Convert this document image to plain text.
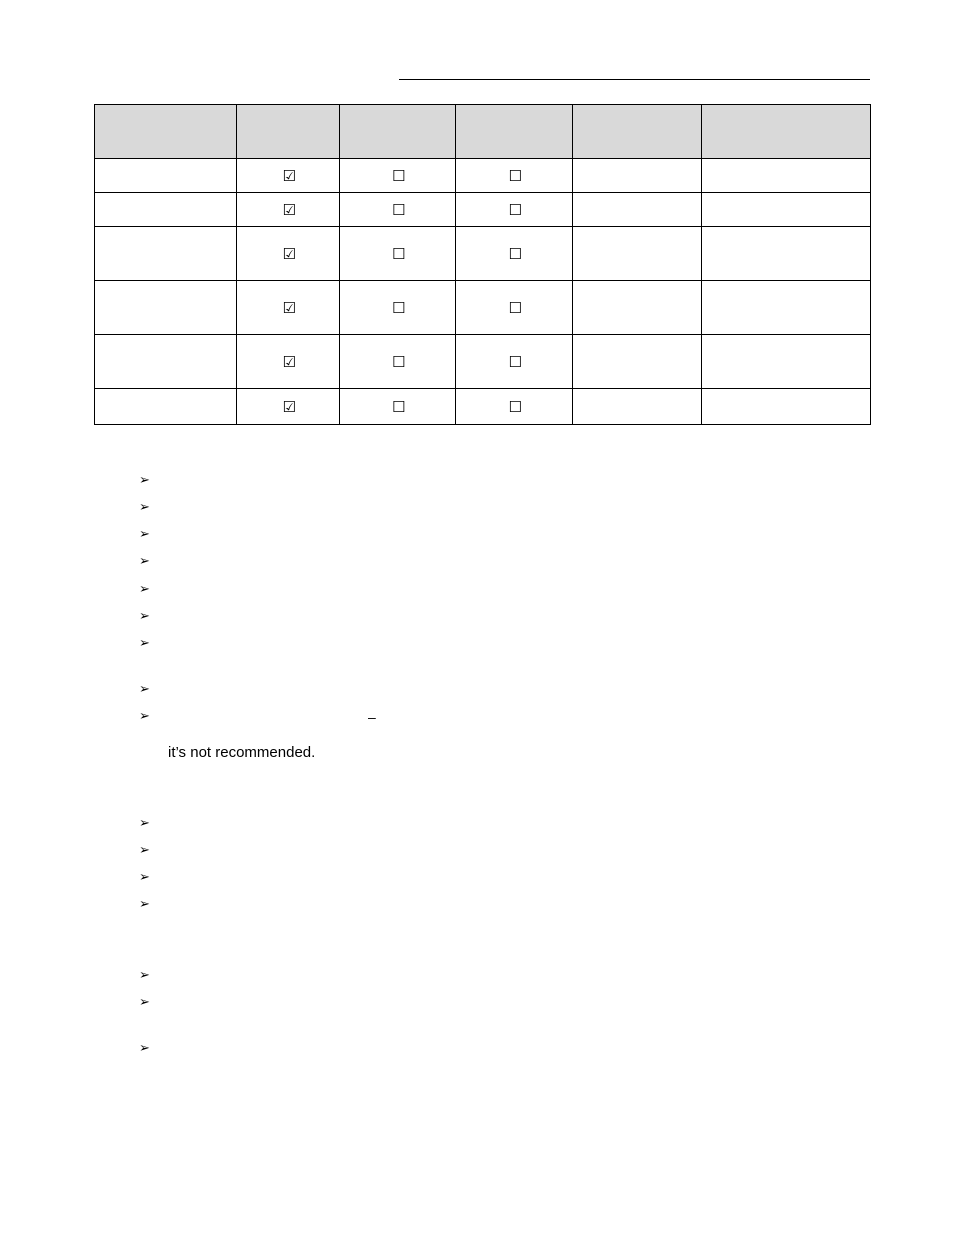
	☑	☐	☐		
	☑	☐	☐		
	☑	☐	☐		
	☑	☐	☐		
	☑	☐	☐		
	☑	☐	☐		
➢
➢
➢
➢
➢
➢
➢
➢
➢
➢
➢
➢
➢
➢
➢
➢
–
it’s not recommended.
